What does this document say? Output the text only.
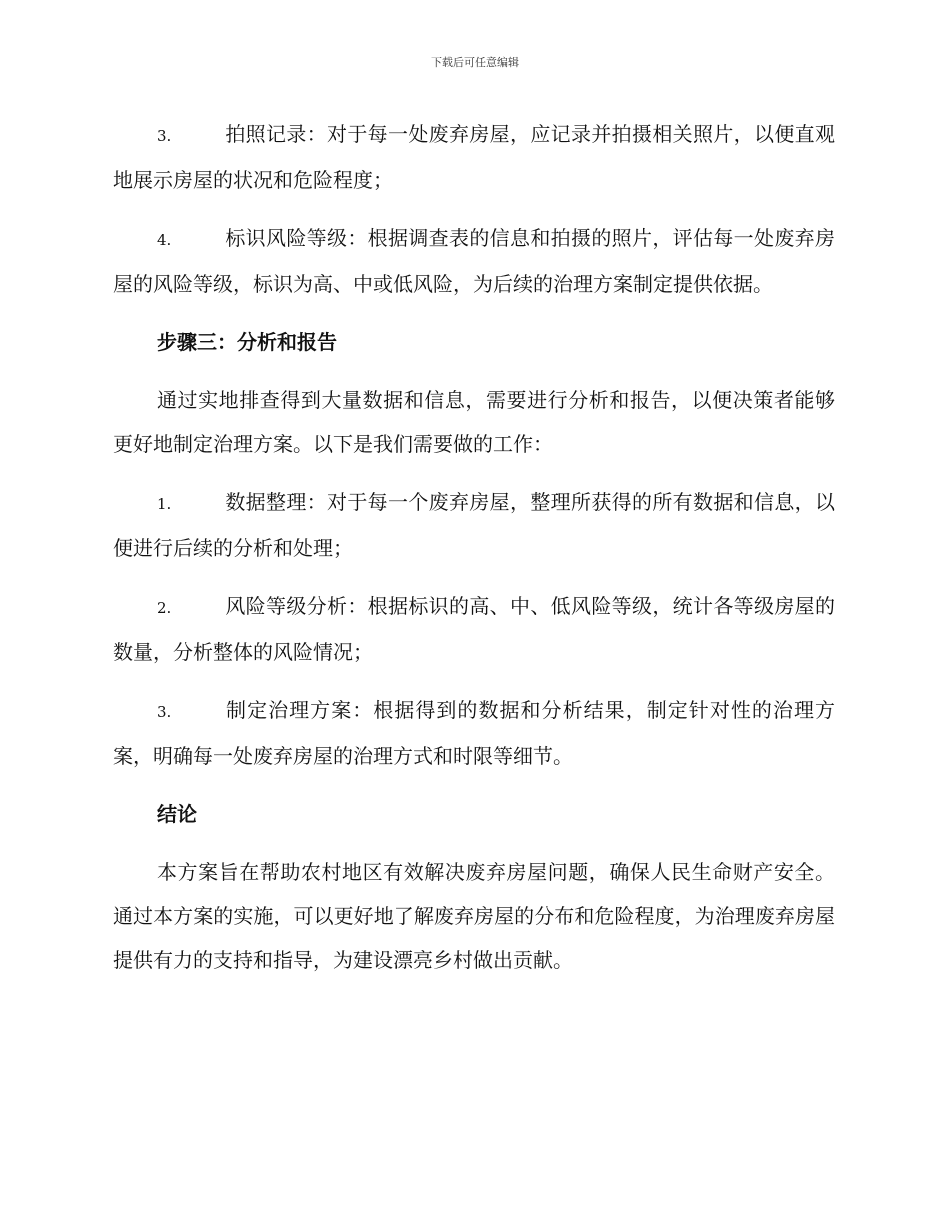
下载后可任意编辑

3.	拍照记录：对于每一处废弃房屋，应记录并拍摄相关照片，以便直观地展示房屋的状况和危险程度；

4.	标识风险等级：根据调查表的信息和拍摄的照片，评估每一处废弃房屋的风险等级，标识为高、中或低风险，为后续的治理方案制定提供依据。

步骤三：分析和报告

通过实地排查得到大量数据和信息，需要进行分析和报告，以便决策者能够更好地制定治理方案。以下是我们需要做的工作：

1.	数据整理：对于每一个废弃房屋，整理所获得的所有数据和信息，以便进行后续的分析和处理；

2.	风险等级分析：根据标识的高、中、低风险等级，统计各等级房屋的数量，分析整体的风险情况；

3.	制定治理方案：根据得到的数据和分析结果，制定针对性的治理方案，明确每一处废弃房屋的治理方式和时限等细节。

结论

本方案旨在帮助农村地区有效解决废弃房屋问题，确保人民生命财产安全。通过本方案的实施，可以更好地了解废弃房屋的分布和危险程度，为治理废弃房屋提供有力的支持和指导，为建设漂亮乡村做出贡献。
